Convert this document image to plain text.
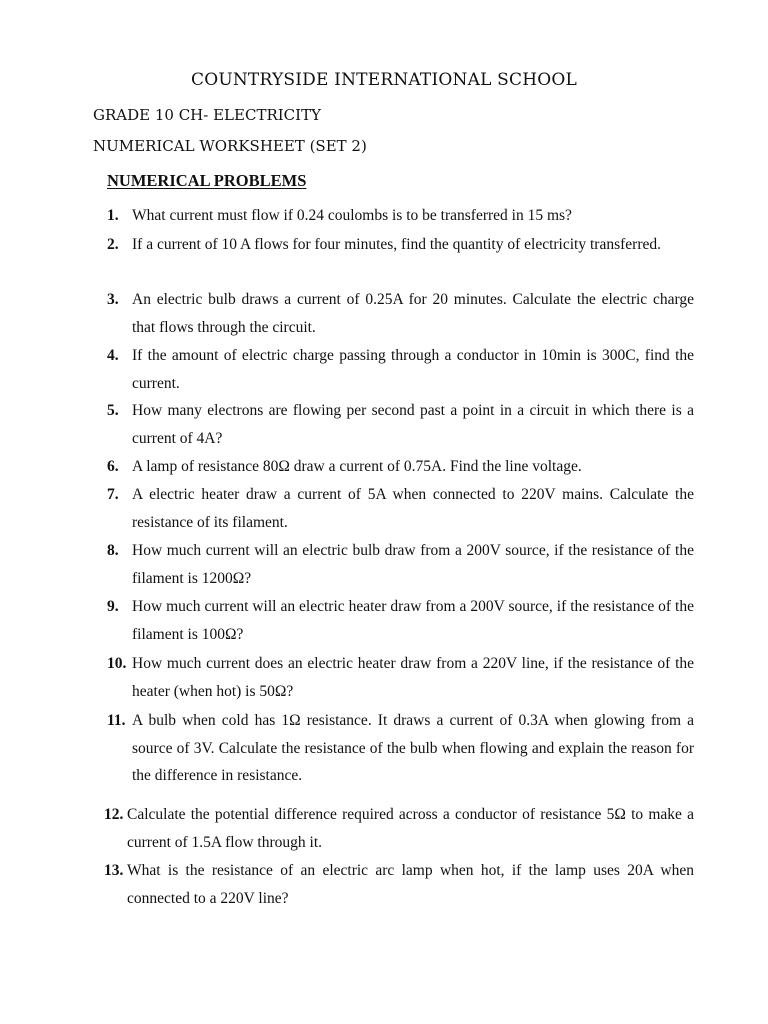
COUNTRYSIDE INTERNATIONAL SCHOOL
GRADE 10 CH- ELECTRICITY
NUMERICAL WORKSHEET (SET 2)
NUMERICAL PROBLEMS
1. What current must flow if 0.24 coulombs is to be transferred in 15 ms?
2. If a current of 10 A flows for four minutes, find the quantity of electricity transferred.
3. An electric bulb draws a current of 0.25A for 20 minutes. Calculate the electric charge that flows through the circuit.
4. If the amount of electric charge passing through a conductor in 10min is 300C, find the current.
5. How many electrons are flowing per second past a point in a circuit in which there is a current of 4A?
6. A lamp of resistance 80Ω draw a current of 0.75A. Find the line voltage.
7. A electric heater draw a current of 5A when connected to 220V mains. Calculate the resistance of its filament.
8. How much current will an electric bulb draw from a 200V source, if the resistance of the filament is 1200Ω?
9. How much current will an electric heater draw from a 200V source, if the resistance of the filament is 100Ω?
10. How much current does an electric heater draw from a 220V line, if the resistance of the heater (when hot) is 50Ω?
11. A bulb when cold has 1Ω resistance. It draws a current of 0.3A when glowing from a source of 3V. Calculate the resistance of the bulb when flowing and explain the reason for the difference in resistance.
12. Calculate the potential difference required across a conductor of resistance 5Ω to make a current of 1.5A flow through it.
13. What is the resistance of an electric arc lamp when hot, if the lamp uses 20A when connected to a 220V line?
